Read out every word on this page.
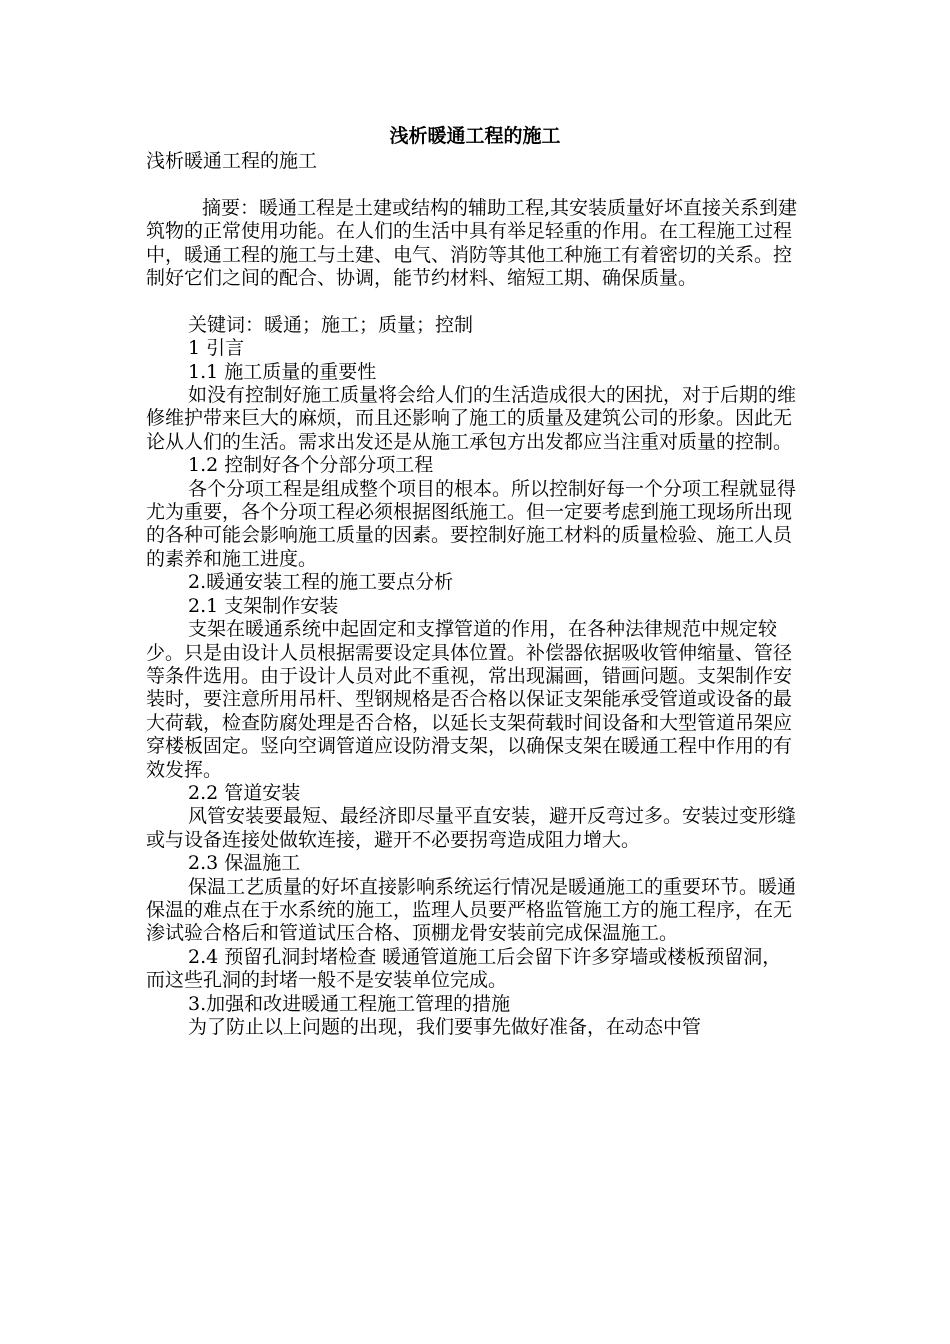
浅析暖通工程的施工

浅析暖通工程的施工

摘要：暖通工程是土建或结构的辅助工程,其安装质量好坏直接关系到建筑物的正常使用功能。在人们的生活中具有举足轻重的作用。在工程施工过程中，暖通工程的施工与土建、电气、消防等其他工种施工有着密切的关系。控制好它们之间的配合、协调，能节约材料、缩短工期、确保质量。

关键词：暖通；施工；质量；控制

1 引言

1.1 施工质量的重要性

如没有控制好施工质量将会给人们的生活造成很大的困扰，对于后期的维修维护带来巨大的麻烦，而且还影响了施工的质量及建筑公司的形象。因此无论从人们的生活。需求出发还是从施工承包方出发都应当注重对质量的控制。

1.2 控制好各个分部分项工程

各个分项工程是组成整个项目的根本。所以控制好每一个分项工程就显得尤为重要，各个分项工程必须根据图纸施工。但一定要考虑到施工现场所出现的各种可能会影响施工质量的因素。要控制好施工材料的质量检验、施工人员的素养和施工进度。

2.暖通安装工程的施工要点分析

2.1 支架制作安装

支架在暖通系统中起固定和支撑管道的作用，在各种法律规范中规定较少。只是由设计人员根据需要设定具体位置。补偿器依据吸收管伸缩量、管径等条件选用。由于设计人员对此不重视，常出现漏画，错画问题。支架制作安装时，要注意所用吊杆、型钢规格是否合格以保证支架能承受管道或设备的最大荷载，检查防腐处理是否合格，以延长支架荷载时间设备和大型管道吊架应穿楼板固定。竖向空调管道应设防滑支架，以确保支架在暖通工程中作用的有效发挥。

2.2 管道安装

风管安装要最短、最经济即尽量平直安装，避开反弯过多。安装过变形缝或与设备连接处做软连接，避开不必要拐弯造成阻力增大。

2.3 保温施工

保温工艺质量的好坏直接影响系统运行情况是暖通施工的重要环节。暖通保温的难点在于水系统的施工，监理人员要严格监管施工方的施工程序，在无渗试验合格后和管道试压合格、顶棚龙骨安装前完成保温施工。

2.4 预留孔洞封堵检查 暖通管道施工后会留下许多穿墙或楼板预留洞，而这些孔洞的封堵一般不是安装单位完成。

3.加强和改进暖通工程施工管理的措施

为了防止以上问题的出现，我们要事先做好准备，在动态中管
